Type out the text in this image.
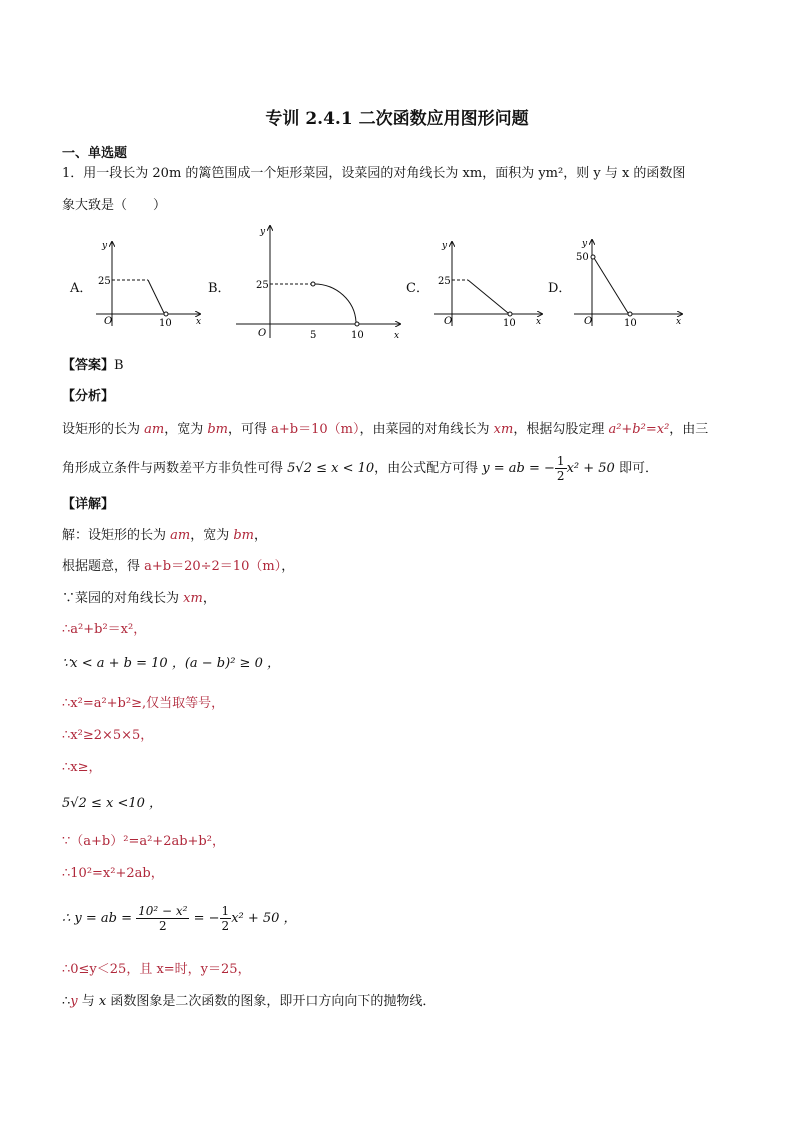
专训 2.4.1 二次函数应用图形问题
一、单选题
1．用一段长为 20m 的篱笆围成一个矩形菜园，设菜园的对角线长为 xm，面积为 ym²，则 y 与 x 的函数图
象大致是（　　）
A．
y
x
O
25
10
B．
y
x
O
25
5	10
C．
y
x
O
25
10
D．
y
x
O
50
10
【答案】B
【分析】
设矩形的长为 am，宽为 bm，可得 a+b＝10（m），由菜园的对角线长为 xm，根据勾股定理 a²+b²=x²，由三
角形成立条件与两数差平方非负性可得 5√2 ≤ x < 10，由公式配方可得 y = ab = − $\frac{1}{2} x^2 + 50$ 即可．
【详解】
解：设矩形的长为 am，宽为 bm，
根据题意，得 a+b＝20÷2＝10（m），
∵菜园的对角线长为 xm，
∴a²+b²＝x²，
∵x < a + b = 10 ，(a − b)² ≥ 0 ，
∴x²=a²+b²≥,仅当取等号，
∴x²≥2×5×5，
∴x≥，
5√2 ≤ x <10 ，
∵（a+b）²=a²+2ab+b²，
∴10²=x²+2ab，
∴ y = ab = $\frac{\text{10² − x²}}{2}$ = − $\frac{1}{2} x^2 + 50$ ，
∴0≤y＜25，且 x=时，y＝25，
∴y 与 x 函数图象是二次函数的图象，即开口方向向下的抛物线．
